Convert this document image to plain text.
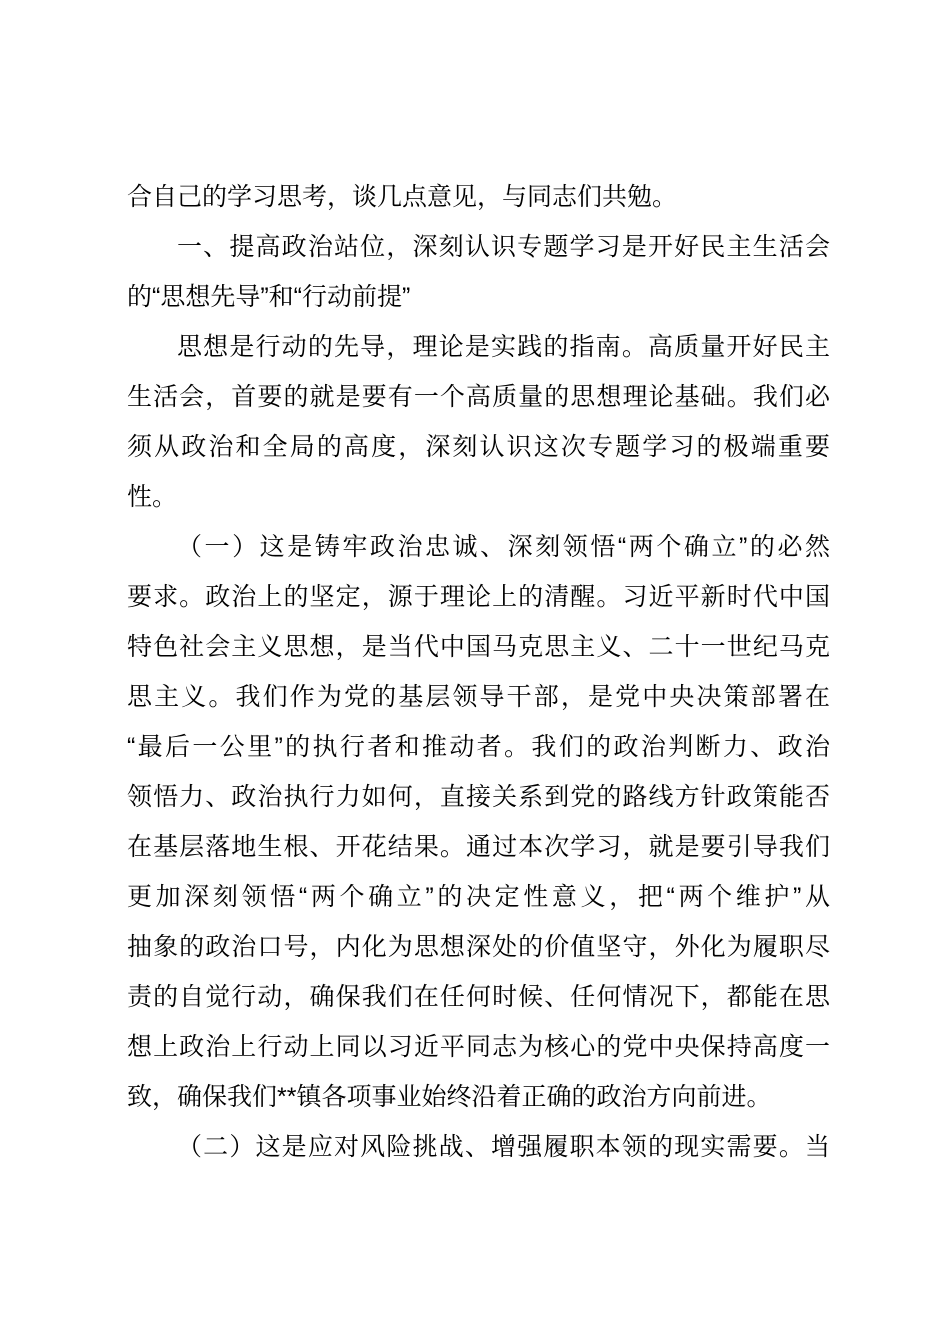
合自己的学习思考，谈几点意见，与同志们共勉。

一、提高政治站位，深刻认识专题学习是开好民主生活会
的“思想先导”和“行动前提”

思想是行动的先导，理论是实践的指南。高质量开好民主
生活会，首要的就是要有一个高质量的思想理论基础。我们必
须从政治和全局的高度，深刻认识这次专题学习的极端重要
性。

（一）这是铸牢政治忠诚、深刻领悟“两个确立”的必然
要求。政治上的坚定，源于理论上的清醒。习近平新时代中国
特色社会主义思想，是当代中国马克思主义、二十一世纪马克
思主义。我们作为党的基层领导干部，是党中央决策部署在
“最后一公里”的执行者和推动者。我们的政治判断力、政治
领悟力、政治执行力如何，直接关系到党的路线方针政策能否
在基层落地生根、开花结果。通过本次学习，就是要引导我们
更加深刻领悟“两个确立”的决定性意义，把“两个维护”从
抽象的政治口号，内化为思想深处的价值坚守，外化为履职尽
责的自觉行动，确保我们在任何时候、任何情况下，都能在思
想上政治上行动上同以习近平同志为核心的党中央保持高度一
致，确保我们**镇各项事业始终沿着正确的政治方向前进。

（二）这是应对风险挑战、增强履职本领的现实需要。当
